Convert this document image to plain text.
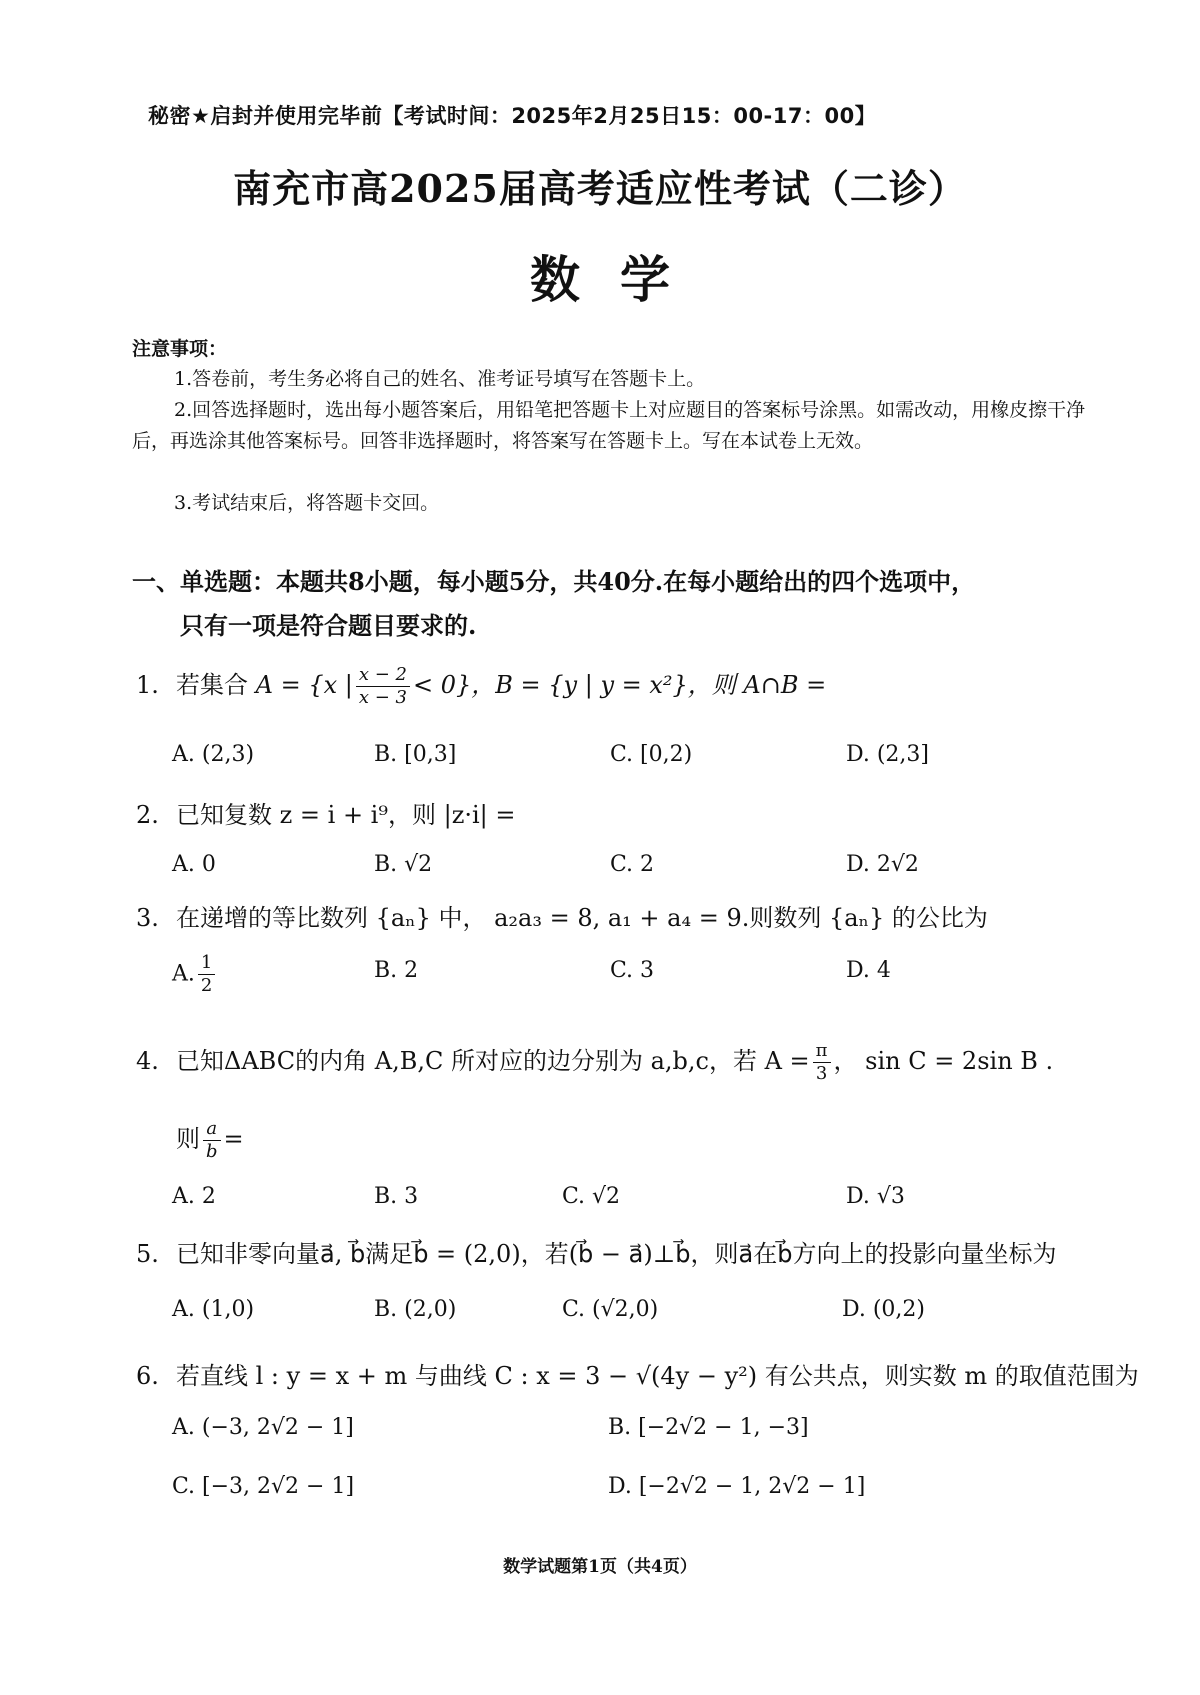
秘密★启封并使用完毕前【考试时间：2025年2月25日15：00-17：00】
南充市高2025届高考适应性考试（二诊）
数学
注意事项：
1.答卷前，考生务必将自己的姓名、准考证号填写在答题卡上。
2.回答选择题时，选出每小题答案后，用铅笔把答题卡上对应题目的答案标号涂黑。如需改动，用橡皮擦干净后，再选涂其他答案标号。回答非选择题时，将答案写在答题卡上。写在本试卷上无效。
3.考试结束后，将答题卡交回。
一、单选题：本题共8小题，每小题5分，共40分.在每小题给出的四个选项中，
只有一项是符合题目要求的.
1. 若集合 A = {x | $\frac{x - 2}{x - 3} < 0$}，B = {y | y = x²}，则 A∩B =
A. (2,3)	B. [0,3]	C. [0,2)	D. (2,3]
2. 已知复数 z = i + i⁹，则 |z·i| =
A. 0	B. √2	C. 2	D. 2√2
3. 在递增的等比数列 {aₙ} 中， a₂a₃ = 8, a₁ + a₄ = 9.则数列 {aₙ} 的公比为
A. $\frac{1}{2}$	B. 2	C. 3	D. 4
4. 已知ΔABC的内角 A,B,C 所对应的边分别为 a,b,c，若 $A = \frac{\pi}{3}$ ， sin C = 2sin B .
则 $\frac{a}{b}$ =
A. 2	B. 3	C. √2	D. √3
5. 已知非零向量a⃗, b⃗满足b⃗ = (2,0)，若(b⃗ − a⃗)⊥b⃗，则a⃗在b⃗方向上的投影向量坐标为
A. (1,0)	B. (2,0)	C. (√2,0)	D. (0,2)
6. 若直线 l : y = x + m 与曲线 C : x = 3 − √(4y − y²) 有公共点，则实数 m 的取值范围为
A. (−3, 2√2 − 1]	B. [−2√2 − 1, −3]
C. [−3, 2√2 − 1]	D. [−2√2 − 1, 2√2 − 1]
数学试题第1页（共4页）
